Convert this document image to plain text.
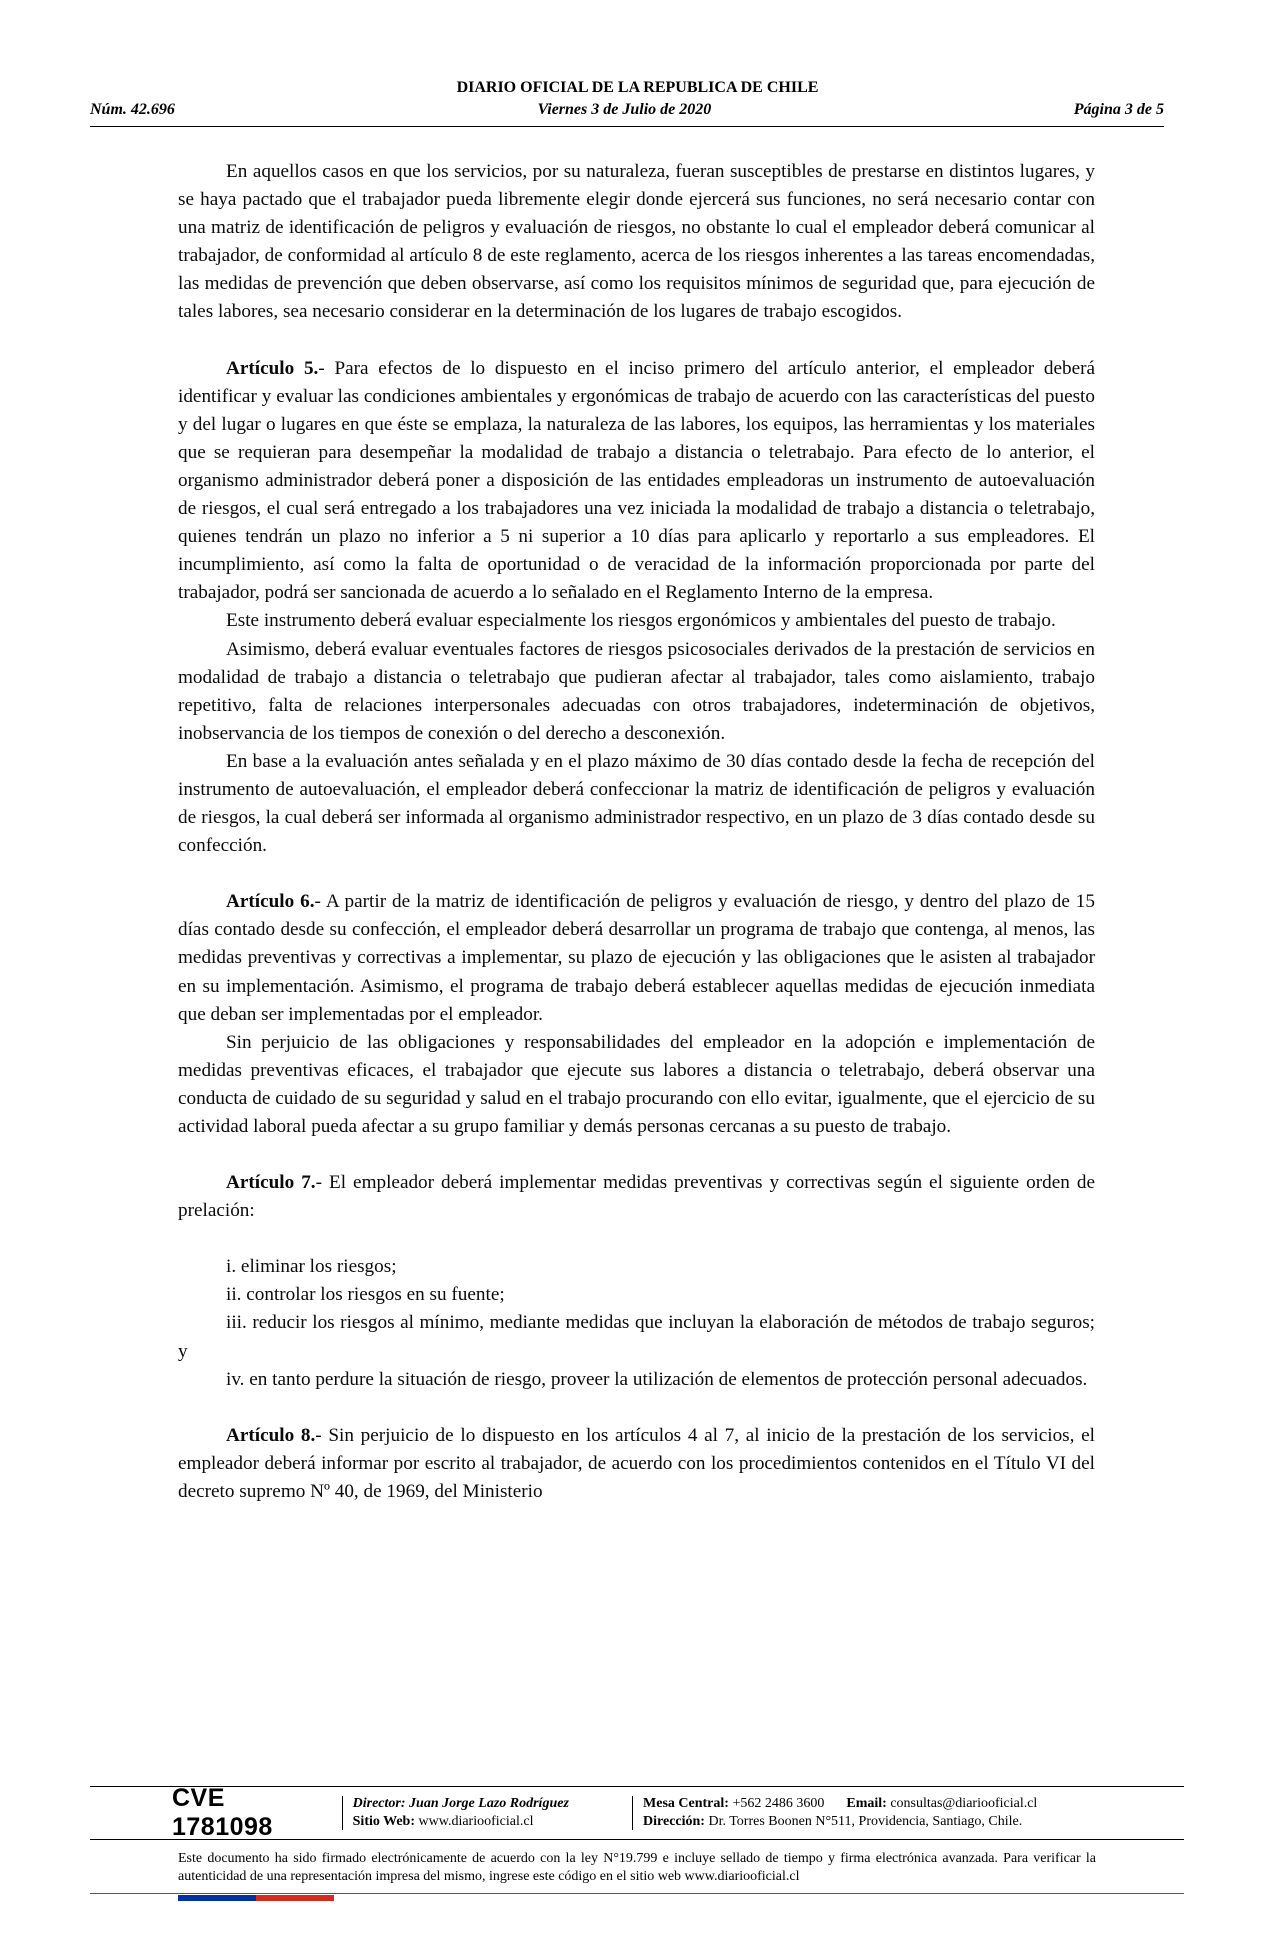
DIARIO OFICIAL DE LA REPUBLICA DE CHILE
Núm. 42.696	Viernes 3 de Julio de 2020	Página 3 de 5

En aquellos casos en que los servicios, por su naturaleza, fueran susceptibles de prestarse en distintos lugares, y se haya pactado que el trabajador pueda libremente elegir donde ejercerá sus funciones, no será necesario contar con una matriz de identificación de peligros y evaluación de riesgos, no obstante lo cual el empleador deberá comunicar al trabajador, de conformidad al artículo 8 de este reglamento, acerca de los riesgos inherentes a las tareas encomendadas, las medidas de prevención que deben observarse, así como los requisitos mínimos de seguridad que, para ejecución de tales labores, sea necesario considerar en la determinación de los lugares de trabajo escogidos.

Artículo 5.- Para efectos de lo dispuesto en el inciso primero del artículo anterior, el empleador deberá identificar y evaluar las condiciones ambientales y ergonómicas de trabajo de acuerdo con las características del puesto y del lugar o lugares en que éste se emplaza, la naturaleza de las labores, los equipos, las herramientas y los materiales que se requieran para desempeñar la modalidad de trabajo a distancia o teletrabajo. Para efecto de lo anterior, el organismo administrador deberá poner a disposición de las entidades empleadoras un instrumento de autoevaluación de riesgos, el cual será entregado a los trabajadores una vez iniciada la modalidad de trabajo a distancia o teletrabajo, quienes tendrán un plazo no inferior a 5 ni superior a 10 días para aplicarlo y reportarlo a sus empleadores. El incumplimiento, así como la falta de oportunidad o de veracidad de la información proporcionada por parte del trabajador, podrá ser sancionada de acuerdo a lo señalado en el Reglamento Interno de la empresa.

Este instrumento deberá evaluar especialmente los riesgos ergonómicos y ambientales del puesto de trabajo.

Asimismo, deberá evaluar eventuales factores de riesgos psicosociales derivados de la prestación de servicios en modalidad de trabajo a distancia o teletrabajo que pudieran afectar al trabajador, tales como aislamiento, trabajo repetitivo, falta de relaciones interpersonales adecuadas con otros trabajadores, indeterminación de objetivos, inobservancia de los tiempos de conexión o del derecho a desconexión.

En base a la evaluación antes señalada y en el plazo máximo de 30 días contado desde la fecha de recepción del instrumento de autoevaluación, el empleador deberá confeccionar la matriz de identificación de peligros y evaluación de riesgos, la cual deberá ser informada al organismo administrador respectivo, en un plazo de 3 días contado desde su confección.

Artículo 6.- A partir de la matriz de identificación de peligros y evaluación de riesgo, y dentro del plazo de 15 días contado desde su confección, el empleador deberá desarrollar un programa de trabajo que contenga, al menos, las medidas preventivas y correctivas a implementar, su plazo de ejecución y las obligaciones que le asisten al trabajador en su implementación. Asimismo, el programa de trabajo deberá establecer aquellas medidas de ejecución inmediata que deban ser implementadas por el empleador.

Sin perjuicio de las obligaciones y responsabilidades del empleador en la adopción e implementación de medidas preventivas eficaces, el trabajador que ejecute sus labores a distancia o teletrabajo, deberá observar una conducta de cuidado de su seguridad y salud en el trabajo procurando con ello evitar, igualmente, que el ejercicio de su actividad laboral pueda afectar a su grupo familiar y demás personas cercanas a su puesto de trabajo.

Artículo 7.- El empleador deberá implementar medidas preventivas y correctivas según el siguiente orden de prelación:

i. eliminar los riesgos;

ii. controlar los riesgos en su fuente;

iii. reducir los riesgos al mínimo, mediante medidas que incluyan la elaboración de métodos de trabajo seguros; y

iv. en tanto perdure la situación de riesgo, proveer la utilización de elementos de protección personal adecuados.

Artículo 8.- Sin perjuicio de lo dispuesto en los artículos 4 al 7, al inicio de la prestación de los servicios, el empleador deberá informar por escrito al trabajador, de acuerdo con los procedimientos contenidos en el Título VI del decreto supremo Nº 40, de 1969, del Ministerio

CVE 1781098
Director: Juan Jorge Lazo Rodríguez
Sitio Web: www.diariooficial.cl
Mesa Central: +562 2486 3600 Email: consultas@diariooficial.cl
Dirección: Dr. Torres Boonen N°511, Providencia, Santiago, Chile.
Este documento ha sido firmado electrónicamente de acuerdo con la ley N°19.799 e incluye sellado de tiempo y firma electrónica avanzada. Para verificar la autenticidad de una representación impresa del mismo, ingrese este código en el sitio web www.diariooficial.cl
